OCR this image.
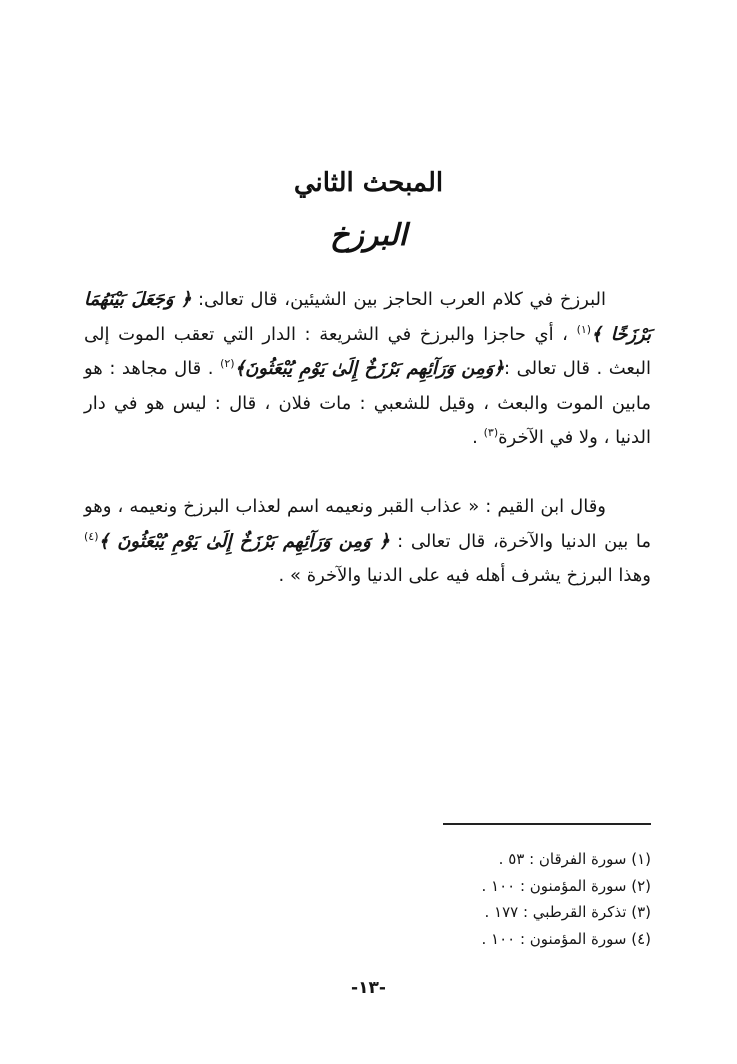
المبحث الثاني
البرزخ
البرزخ في كلام العرب الحاجز بين الشيئين، قال تعالى: ﴿ وَجَعَلَ بَيْنَهُمَا بَرْزَخًا ﴾$^{(١)}$ ، أي حاجزا والبرزخ في الشريعة : الدار التي تعقب الموت إلى البعث . قال تعالى :﴿وَمِن وَرَآئِهِم بَرْزَخٌ إِلَىٰ يَوْمِ يُبْعَثُونَ﴾$^{(٢)}$ . قال مجاهد : هو مابين الموت والبعث ، وقيل للشعبي : مات فلان ، قال : ليس هو في دار الدنيا ، ولا في الآخرة$^{(٣)}$ .
وقال ابن القيم : « عذاب القبر ونعيمه اسم لعذاب البرزخ ونعيمه ، وهو ما بين الدنيا والآخرة، قال تعالى : ﴿ وَمِن وَرَآئِهِم بَرْزَخٌ إِلَىٰ يَوْمِ يُبْعَثُونَ ﴾$^{(٤)}$ وهذا البرزخ يشرف أهله فيه على الدنيا والآخرة » .
(١) سورة الفرقان : ٥٣ .
(٢) سورة المؤمنون : ١٠٠ .
(٣) تذكرة القرطبي : ١٧٧ .
(٤) سورة المؤمنون : ١٠٠ .
-١٣-
